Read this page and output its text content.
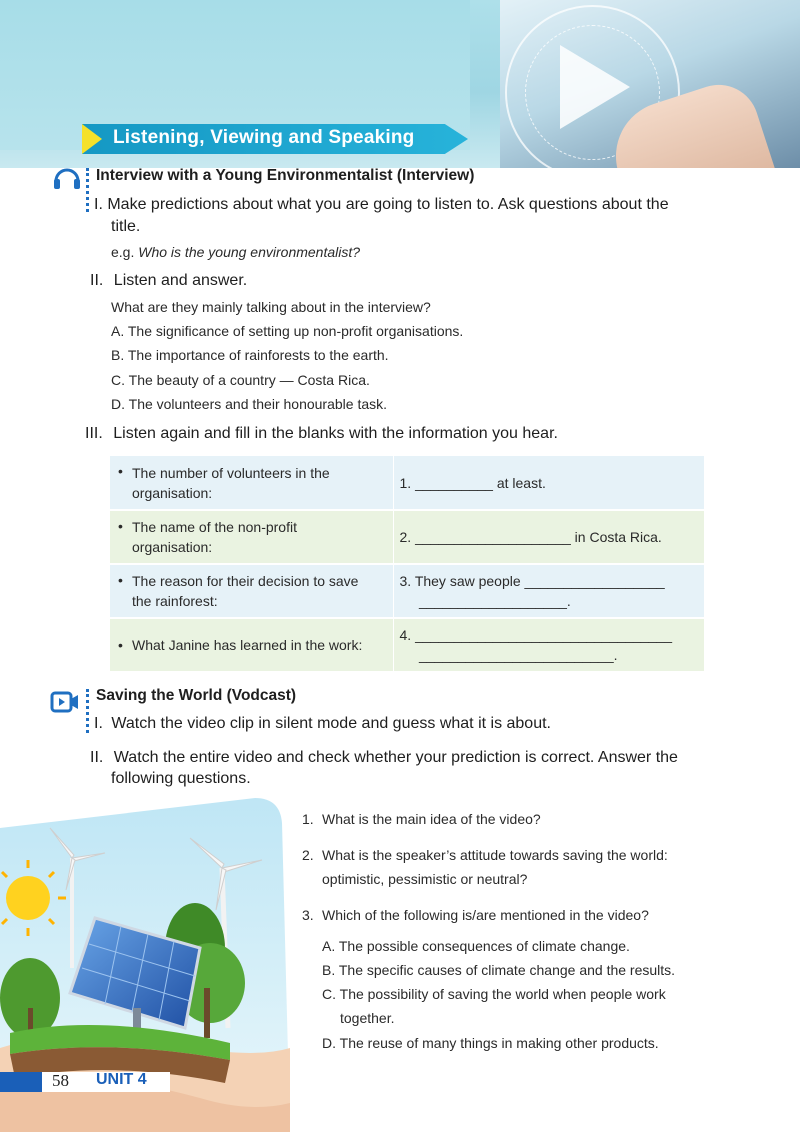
Listening, Viewing and Speaking
Interview with a Young Environmentalist (Interview)
I. Make predictions about what you are going to listen to. Ask questions about the
title.
e.g. Who is the young environmentalist?
II. Listen and answer.
What are they mainly talking about in the interview?
A. The significance of setting up non-profit organisations.
B. The importance of rainforests to the earth.
C. The beauty of a country — Costa Rica.
D. The volunteers and their honourable task.
III. Listen again and fill in the blanks with the information you hear.
• The number of volunteers in the
organisation:	1. __________ at least.

• The name of the non-profit
organisation:	2. ____________________ in Costa Rica.

• The reason for their decision to save
the rainforest:	3. They saw people __________________
___________________.

• What Janine has learned in the work:	4. _________________________________
_________________________.
Saving the World (Vodcast)
I. Watch the video clip in silent mode and guess what it is about.
II. Watch the entire video and check whether your prediction is correct. Answer the
following questions.
1. What is the main idea of the video?
2. What is the speaker’s attitude towards saving the world:
optimistic, pessimistic or neutral?
3. Which of the following is/are mentioned in the video?
A. The possible consequences of climate change.
B. The specific causes of climate change and the results.
C. The possibility of saving the world when people work
together.
D. The reuse of many things in making other products.
58 UNIT 4
